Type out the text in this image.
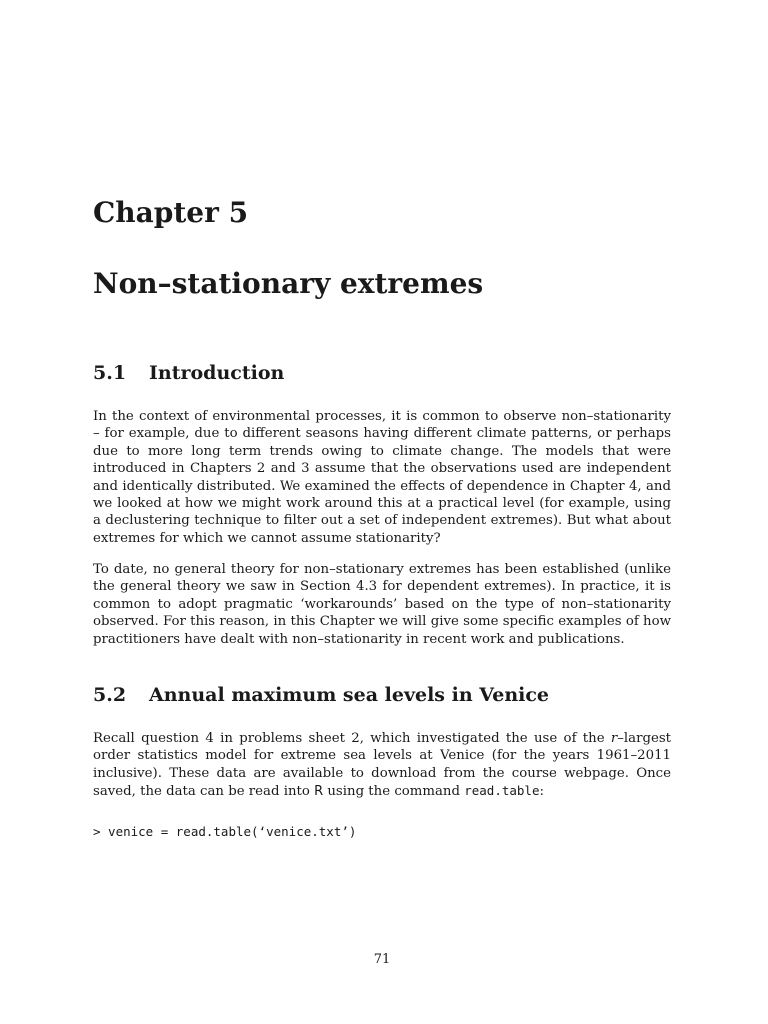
Chapter 5
Non–stationary extremes
5.1 Introduction

In the context of environmental processes, it is common to observe non–stationarity – for example, due to different seasons having different climate patterns, or perhaps due to more long term trends owing to climate change. The models that were introduced in Chapters 2 and 3 assume that the observations used are independent and identically distributed. We examined the effects of dependence in Chapter 4, and we looked at how we might work around this at a practical level (for example, using a declustering technique to filter out a set of independent extremes). But what about extremes for which we cannot assume stationarity?

To date, no general theory for non–stationary extremes has been established (unlike the general theory we saw in Section 4.3 for dependent extremes). In practice, it is common to adopt pragmatic ‘workarounds’ based on the type of non–stationarity observed. For this reason, in this Chapter we will give some specific examples of how practitioners have dealt with non–stationarity in recent work and publications.

5.2 Annual maximum sea levels in Venice

Recall question 4 in problems sheet 2, which investigated the use of the r–largest order statistics model for extreme sea levels at Venice (for the years 1961–2011 inclusive). These data are available to download from the course webpage. Once saved, the data can be read into R using the command read.table:

> venice = read.table(‘venice.txt’)
71
